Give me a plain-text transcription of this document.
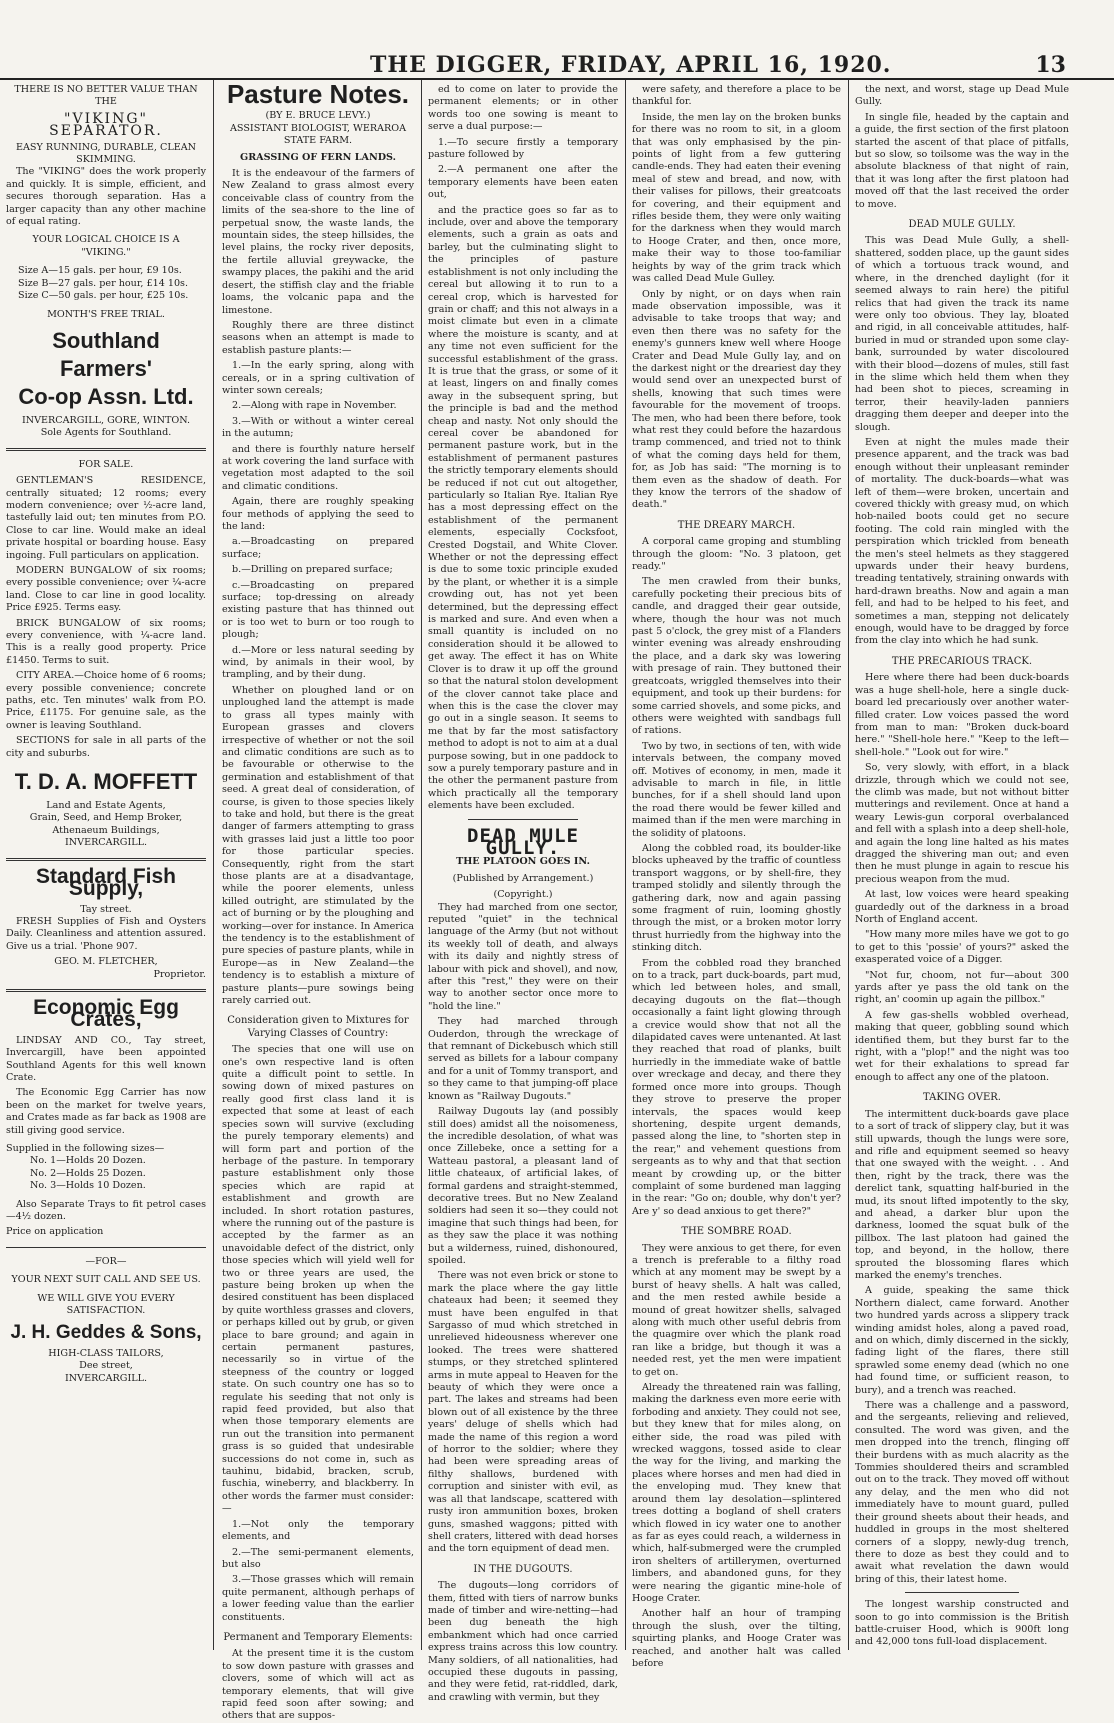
THE DIGGER, FRIDAY, APRIL 16, 1920.	13
THERE IS NO BETTER VALUE THAN
THE
"VIKING" SEPARATOR.
EASY RUNNING, DURABLE, CLEAN SKIMMING.

The "VIKING" does the work properly and quickly. It is simple, efficient, and secures thorough separation. Has a larger capacity than any other machine of equal rating.

YOUR LOGICAL CHOICE IS A
"VIKING."
Size A—15 gals. per hour, £9 10s.
Size B—27 gals. per hour, £14 10s.
Size C—50 gals. per hour, £25 10s.
MONTH'S FREE TRIAL.
Southland Farmers'
Co-op Assn. Ltd.
INVERCARGILL, GORE, WINTON.
Sole Agents for Southland.
FOR SALE.

GENTLEMAN'S RESIDENCE, centrally situated; 12 rooms; every modern convenience; over ½-acre land, tastefully laid out; ten minutes from P.O. Close to car line. Would make an ideal private hospital or boarding house. Easy ingoing. Full particulars on application.

MODERN BUNGALOW of six rooms; every possible convenience; over ¼-acre land. Close to car line in good locality. Price £925. Terms easy.

BRICK BUNGALOW of six rooms; every convenience, with ¼-acre land. This is a really good property. Price £1450. Terms to suit.

CITY AREA.—Choice home of 6 rooms; every possible convenience; concrete paths, etc. Ten minutes' walk from P.O. Price, £1175. For genuine sale, as the owner is leaving Southland.

SECTIONS for sale in all parts of the city and suburbs.

T. D. A. MOFFETT
Land and Estate Agents,
Grain, Seed, and Hemp Broker,
Athenaeum Buildings,
INVERCARGILL.
Standard Fish Supply,
Tay street.

FRESH Supplies of Fish and Oysters Daily. Cleanliness and attention assured. Give us a trial. 'Phone 907.

GEO. M. FLETCHER,
Proprietor.
Economic Egg Crates,

LINDSAY AND CO., Tay street, Invercargill, have been appointed Southland Agents for this well known Crate.

The Economic Egg Carrier has now been on the market for twelve years, and Crates made as far back as 1908 are still giving good service.

Supplied in the following sizes—
No. 1—Holds 20 Dozen.
No. 2—Holds 25 Dozen.
No. 3—Holds 10 Dozen.

Also Separate Trays to fit petrol cases—4½ dozen.

Price on application
—FOR—
YOUR NEXT SUIT CALL AND SEE US.
WE WILL GIVE YOU EVERY
SATISFACTION.
J. H. Geddes & Sons,
HIGH-CLASS TAILORS,
Dee street,
INVERCARGILL.
Pasture Notes.
(BY E. BRUCE LEVY.)
ASSISTANT BIOLOGIST, WERAROA STATE FARM.
GRASSING OF FERN LANDS.

It is the endeavour of the farmers of New Zealand to grass almost every conceivable class of country from the limits of the sea-shore to the line of perpetual snow, the waste lands, the mountain sides, the steep hillsides, the level plains, the rocky river deposits, the fertile alluvial greywacke, the swampy places, the pakihi and the arid desert, the stiffish clay and the friable loams, the volcanic papa and the limestone.

Roughly there are three distinct seasons when an attempt is made to establish pasture plants:—

1.—In the early spring, along with cereals, or in a spring cultivation of winter sown cereals;

2.—Along with rape in November.

3.—With or without a winter cereal in the autumn;

and there is fourthly nature herself at work covering the land surface with vegetation most adapted to the soil and climatic conditions.

Again, there are roughly speaking four methods of applying the seed to the land:

a.—Broadcasting on prepared surface;

b.—Drilling on prepared surface;

c.—Broadcasting on prepared surface; top-dressing on already existing pasture that has thinned out or is too wet to burn or too rough to plough;

d.—More or less natural seeding by wind, by animals in their wool, by trampling, and by their dung.

Whether on ploughed land or on unploughed land the attempt is made to grass all types mainly with European grasses and clovers irrespective of whether or not the soil and climatic conditions are such as to be favourable or otherwise to the germination and establishment of that seed. A great deal of consideration, of course, is given to those species likely to take and hold, but there is the great danger of farmers attempting to grass with grasses laid just a little too poor for those particular species. Consequently, right from the start those plants are at a disadvantage, while the poorer elements, unless killed outright, are stimulated by the act of burning or by the ploughing and working—over for instance. In America the tendency is to the establishment of pure species of pasture plants, while in Europe—as in New Zealand—the tendency is to establish a mixture of pasture plants—pure sowings being rarely carried out.

Consideration given to Mixtures for Varying Classes of Country:

The species that one will use on one's own respective land is often quite a difficult point to settle. In sowing down of mixed pastures on really good first class land it is expected that some at least of each species sown will survive (excluding the purely temporary elements) and will form part and portion of the herbage of the pasture. In temporary pasture establishment only those species which are rapid at establishment and growth are included. In short rotation pastures, where the running out of the pasture is accepted by the farmer as an unavoidable defect of the district, only those species which will yield well for two or three years are used, the pasture being broken up when the desired constituent has been displaced by quite worthless grasses and clovers, or perhaps killed out by grub, or given place to bare ground; and again in certain permanent pastures, necessarily so in virtue of the steepness of the country or logged state. On such country one has so to regulate his seeding that not only is rapid feed provided, but also that when those temporary elements are run out the transition into permanent grass is so guided that undesirable successions do not come in, such as tauhinu, bidabid, bracken, scrub, fuschia, wineberry, and blackberry. In other words the farmer must consider:—

1.—Not only the temporary elements, and

2.—The semi-permanent elements, but also

3.—Those grasses which will remain quite permanent, although perhaps of a lower feeding value than the earlier constituents.

Permanent and Temporary Elements:

At the present time it is the custom to sow down pasture with grasses and clovers, some of which will act as temporary elements, that will give rapid feed soon after sowing; and others that are suppos-

ed to come on later to provide the permanent elements; or in other words too one sowing is meant to serve a dual purpose:—

1.—To secure firstly a temporary pasture followed by

2.—A permanent one after the temporary elements have been eaten out,

and the practice goes so far as to include, over and above the temporary elements, such a grain as oats and barley, but the culminating slight to the principles of pasture establishment is not only including the cereal but allowing it to run to a cereal crop, which is harvested for grain or chaff; and this not always in a moist climate but even in a climate where the moisture is scanty, and at any time not even sufficient for the successful establishment of the grass. It is true that the grass, or some of it at least, lingers on and finally comes away in the subsequent spring, but the principle is bad and the method cheap and nasty. Not only should the cereal cover be abandoned for permanent pasture work, but in the establishment of permanent pastures the strictly temporary elements should be reduced if not cut out altogether, particularly so Italian Rye. Italian Rye has a most depressing effect on the establishment of the permanent elements, especially Cocksfoot, Crested Dogstail, and White Clover. Whether or not the depressing effect is due to some toxic principle exuded by the plant, or whether it is a simple crowding out, has not yet been determined, but the depressing effect is marked and sure. And even when a small quantity is included on no consideration should it be allowed to get away. The effect it has on White Clover is to draw it up off the ground so that the natural stolon development of the clover cannot take place and when this is the case the clover may go out in a single season. It seems to me that by far the most satisfactory method to adopt is not to aim at a dual purpose sowing, but in one paddock to sow a purely temporary pasture and in the other the permanent pasture from which practically all the temporary elements have been excluded.

DEAD MULE GULLY.
THE PLATOON GOES IN.
(Published by Arrangement.)
(Copyright.)

They had marched from one sector, reputed "quiet" in the technical language of the Army (but not without its weekly toll of death, and always with its daily and nightly stress of labour with pick and shovel), and now, after this "rest," they were on their way to another sector once more to "hold the line."

They had marched through Ouderdon, through the wreckage of that remnant of Dickebusch which still served as billets for a labour company and for a unit of Tommy transport, and so they came to that jumping-off place known as "Railway Dugouts."

Railway Dugouts lay (and possibly still does) amidst all the noisomeness, the incredible desolation, of what was once Zillebeke, once a setting for a Watteau pastoral, a pleasant land of little chateaux, of artificial lakes, of formal gardens and straight-stemmed, decorative trees. But no New Zealand soldiers had seen it so—they could not imagine that such things had been, for as they saw the place it was nothing but a wilderness, ruined, dishonoured, spoiled.

There was not even brick or stone to mark the place where the gay little chateaux had been; it seemed they must have been engulfed in that Sargasso of mud which stretched in unrelieved hideousness wherever one looked. The trees were shattered stumps, or they stretched splintered arms in mute appeal to Heaven for the beauty of which they were once a part. The lakes and streams had been blown out of all existence by the three years' deluge of shells which had made the name of this region a word of horror to the soldier; where they had been were spreading areas of filthy shallows, burdened with corruption and sinister with evil, as was all that landscape, scattered with rusty iron ammunition boxes, broken guns, smashed waggons; pitted with shell craters, littered with dead horses and the torn equipment of dead men.

IN THE DUGOUTS.

The dugouts—long corridors of them, fitted with tiers of narrow bunks made of timber and wire-netting—had been dug beneath the high embankment which had once carried express trains across this low country. Many soldiers, of all nationalities, had occupied these dugouts in passing, and they were fetid, rat-riddled, dark, and crawling with vermin, but they

were safety, and therefore a place to be thankful for.

Inside, the men lay on the broken bunks for there was no room to sit, in a gloom that was only emphasised by the pin-points of light from a few guttering candle-ends. They had eaten their evening meal of stew and bread, and now, with their valises for pillows, their greatcoats for covering, and their equipment and rifles beside them, they were only waiting for the darkness when they would march to Hooge Crater, and then, once more, make their way to those too-familiar heights by way of the grim track which was called Dead Mule Gulley.

Only by night, or on days when rain made observation impossible, was it advisable to take troops that way; and even then there was no safety for the enemy's gunners knew well where Hooge Crater and Dead Mule Gully lay, and on the darkest night or the dreariest day they would send over an unexpected burst of shells, knowing that such times were favourable for the movement of troops. The men, who had been there before, took what rest they could before the hazardous tramp commenced, and tried not to think of what the coming days held for them, for, as Job has said: "The morning is to them even as the shadow of death. For they know the terrors of the shadow of death."

THE DREARY MARCH.

A corporal came groping and stumbling through the gloom: "No. 3 platoon, get ready."

The men crawled from their bunks, carefully pocketing their precious bits of candle, and dragged their gear outside, where, though the hour was not much past 5 o'clock, the grey mist of a Flanders winter evening was already enshrouding the place, and a dark sky was lowering with presage of rain. They buttoned their greatcoats, wriggled themselves into their equipment, and took up their burdens: for some carried shovels, and some picks, and others were weighted with sandbags full of rations.

Two by two, in sections of ten, with wide intervals between, the company moved off. Motives of economy, in men, made it advisable to march in file, in little bunches, for if a shell should land upon the road there would be fewer killed and maimed than if the men were marching in the solidity of platoons.

Along the cobbled road, its boulder-like blocks upheaved by the traffic of countless transport waggons, or by shell-fire, they tramped stolidly and silently through the gathering dark, now and again passing some fragment of ruin, looming ghostly through the mist, or a broken motor lorry thrust hurriedly from the highway into the stinking ditch.

From the cobbled road they branched on to a track, part duck-boards, part mud, which led between holes, and small, decaying dugouts on the flat—though occasionally a faint light glowing through a crevice would show that not all the dilapidated caves were untenanted. At last they reached that road of planks, built hurriedly in the immediate wake of battle over wreckage and decay, and there they formed once more into groups. Though they strove to preserve the proper intervals, the spaces would keep shortening, despite urgent demands, passed along the line, to "shorten step in the rear," and vehement questions from sergeants as to why and that that section meant by crowding up, or the bitter complaint of some burdened man lagging in the rear: "Go on; double, why don't yer? Are y' so dead anxious to get there?"

THE SOMBRE ROAD.

They were anxious to get there, for even a trench is preferable to a filthy road which at any moment may be swept by a burst of heavy shells. A halt was called, and the men rested awhile beside a mound of great howitzer shells, salvaged along with much other useful debris from the quagmire over which the plank road ran like a bridge, but though it was a needed rest, yet the men were impatient to get on.

Already the threatened rain was falling, making the darkness even more eerie with forboding and anxiety. They could not see, but they knew that for miles along, on either side, the road was piled with wrecked waggons, tossed aside to clear the way for the living, and marking the places where horses and men had died in the enveloping mud. They knew that around them lay desolation—splintered trees dotting a bogland of shell craters which flowed in icy water one to another as far as eyes could reach, a wilderness in which, half-submerged were the crumpled iron shelters of artillerymen, overturned limbers, and abandoned guns, for they were nearing the gigantic mine-hole of Hooge Crater.

Another half an hour of tramping through the slush, over the tilting, squirting planks, and Hooge Crater was reached, and another halt was called before

the next, and worst, stage up Dead Mule Gully.

In single file, headed by the captain and a guide, the first section of the first platoon started the ascent of that place of pitfalls, but so slow, so toilsome was the way in the absolute blackness of that night of rain, that it was long after the first platoon had moved off that the last received the order to move.

DEAD MULE GULLY.

This was Dead Mule Gully, a shell-shattered, sodden place, up the gaunt sides of which a tortuous track wound, and where, in the drenched daylight (for it seemed always to rain here) the pitiful relics that had given the track its name were only too obvious. They lay, bloated and rigid, in all conceivable attitudes, half-buried in mud or stranded upon some clay-bank, surrounded by water discoloured with their blood—dozens of mules, still fast in the slime which held them when they had been shot to pieces, screaming in terror, their heavily-laden panniers dragging them deeper and deeper into the slough.

Even at night the mules made their presence apparent, and the track was bad enough without their unpleasant reminder of mortality. The duck-boards—what was left of them—were broken, uncertain and covered thickly with greasy mud, on which hob-nailed boots could get no secure footing. The cold rain mingled with the perspiration which trickled from beneath the men's steel helmets as they staggered upwards under their heavy burdens, treading tentatively, straining onwards with hard-drawn breaths. Now and again a man fell, and had to be helped to his feet, and sometimes a man, stepping not delicately enough, would have to be dragged by force from the clay into which he had sunk.

THE PRECARIOUS TRACK.

Here where there had been duck-boards was a huge shell-hole, here a single duck-board led precariously over another water-filled crater. Low voices passed the word from man to man: "Broken duck-board here." "Shell-hole here." "Keep to the left—shell-hole." "Look out for wire."

So, very slowly, with effort, in a black drizzle, through which we could not see, the climb was made, but not without bitter mutterings and revilement. Once at hand a weary Lewis-gun corporal overbalanced and fell with a splash into a deep shell-hole, and again the long line halted as his mates dragged the shivering man out; and even then he must plunge in again to rescue his precious weapon from the mud.

At last, low voices were heard speaking guardedly out of the darkness in a broad North of England accent.

"How many more miles have we got to go to get to this 'possie' of yours?" asked the exasperated voice of a Digger.

"Not fur, choom, not fur—about 300 yards after ye pass the old tank on the right, an' coomin up again the pillbox."

A few gas-shells wobbled overhead, making that queer, gobbling sound which identified them, but they burst far to the right, with a "plop!" and the night was too wet for their exhalations to spread far enough to affect any one of the platoon.

TAKING OVER.

The intermittent duck-boards gave place to a sort of track of slippery clay, but it was still upwards, though the lungs were sore, and rifle and equipment seemed so heavy that one swayed with the weight. . . And then, right by the track, there was the derelict tank, squatting half-buried in the mud, its snout lifted impotently to the sky, and ahead, a darker blur upon the darkness, loomed the squat bulk of the pillbox. The last platoon had gained the top, and beyond, in the hollow, there sprouted the blossoming flares which marked the enemy's trenches.

A guide, speaking the same thick Northern dialect, came forward. Another two hundred yards across a slippery track winding amidst holes, along a paved road, and on which, dimly discerned in the sickly, fading light of the flares, there still sprawled some enemy dead (which no one had found time, or sufficient reason, to bury), and a trench was reached.

There was a challenge and a password, and the sergeants, relieving and relieved, consulted. The word was given, and the men dropped into the trench, flinging off their burdens with as much alacrity as the Tommies shouldered theirs and scrambled out on to the track. They moved off without any delay, and the men who did not immediately have to mount guard, pulled their ground sheets about their heads, and huddled in groups in the most sheltered corners of a sloppy, newly-dug trench, there to doze as best they could and to await what revelation the dawn would bring of this, their latest home.

The longest warship constructed and soon to go into commission is the British battle-cruiser Hood, which is 900ft long and 42,000 tons full-load displacement.
